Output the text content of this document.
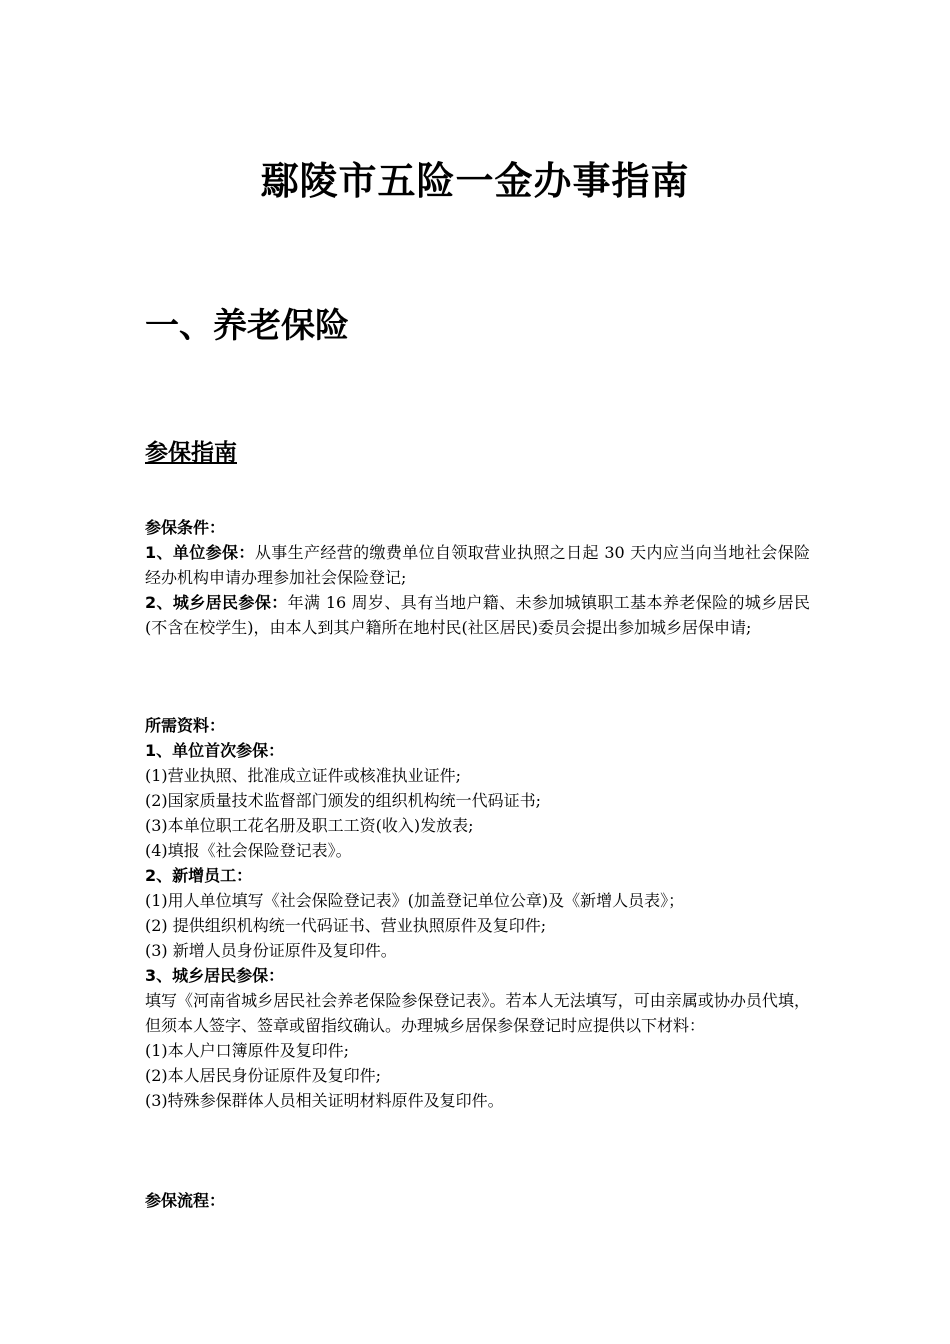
鄢陵市五险一金办事指南
一、养老保险
参保指南
参保条件：
1、单位参保：从事生产经营的缴费单位自领取营业执照之日起 30 天内应当向当地社会保险经办机构申请办理参加社会保险登记;
2、城乡居民参保：年满 16 周岁、具有当地户籍、未参加城镇职工基本养老保险的城乡居民(不含在校学生)，由本人到其户籍所在地村民(社区居民)委员会提出参加城乡居保申请;
所需资料：
1、单位首次参保：
(1)营业执照、批准成立证件或核准执业证件;
(2)国家质量技术监督部门颁发的组织机构统一代码证书;
(3)本单位职工花名册及职工工资(收入)发放表;
(4)填报《社会保险登记表》。
2、新增员工：
(1)用人单位填写《社会保险登记表》(加盖登记单位公章)及《新增人员表》；
(2) 提供组织机构统一代码证书、营业执照原件及复印件;
(3) 新增人员身份证原件及复印件。
3、城乡居民参保：
填写《河南省城乡居民社会养老保险参保登记表》。若本人无法填写，可由亲属或协办员代填，但须本人签字、签章或留指纹确认。办理城乡居保参保登记时应提供以下材料：
(1)本人户口簿原件及复印件;
(2)本人居民身份证原件及复印件;
(3)特殊参保群体人员相关证明材料原件及复印件。
参保流程：
